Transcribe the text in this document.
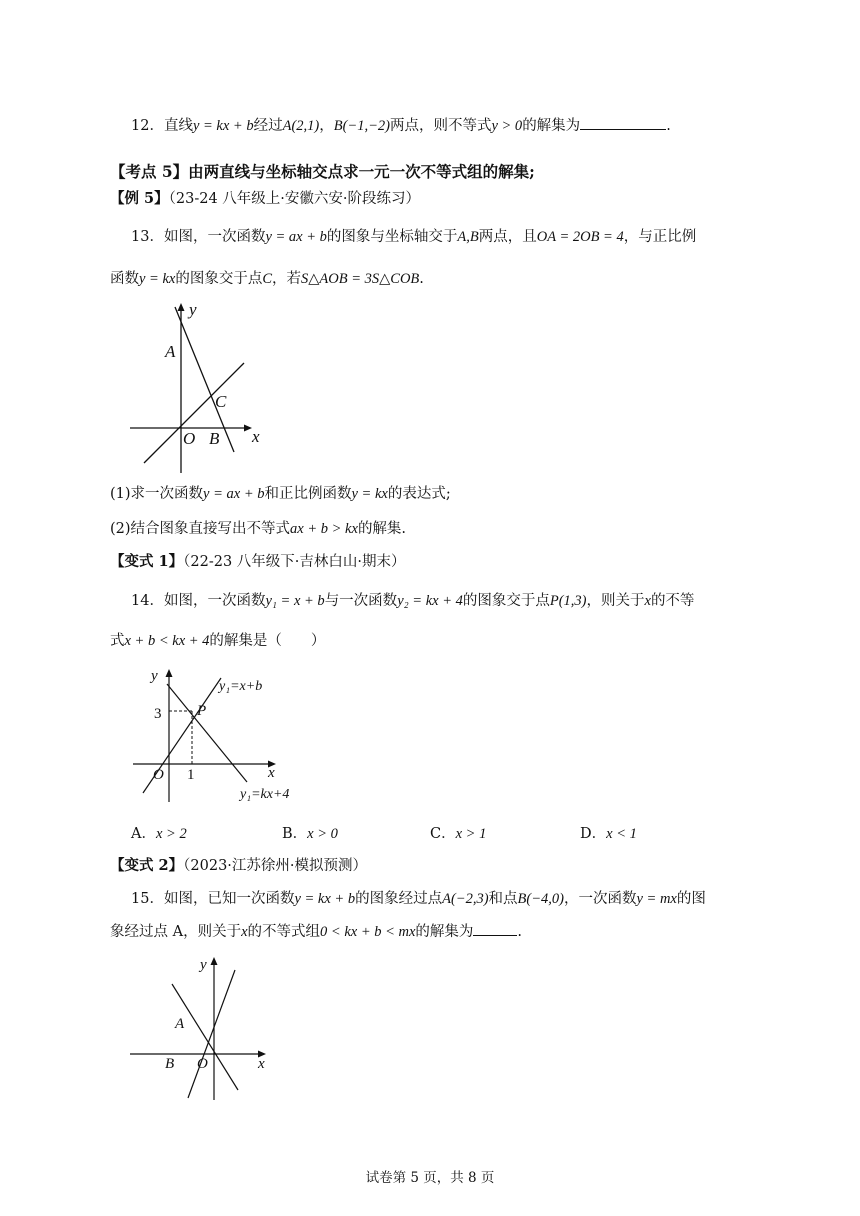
12．直线y = kx + b经过A(2,1)，B(−1,−2)两点，则不等式y > 0的解集为	.
【考点 5】由两直线与坐标轴交点求一元一次不等式组的解集;
【例 5】（23-24 八年级上·安徽六安·阶段练习）
13．如图，一次函数y = ax + b的图象与坐标轴交于A,B两点，且OA = 2OB = 4，与正比例
函数y = kx的图象交于点C，若S△AOB = 3S△COB.
y
A
C
O B x
(1)求一次函数y = ax + b和正比例函数y = kx的表达式;
(2)结合图象直接写出不等式ax + b > kx的解集.
【变式 1】（22-23 八年级下·吉林白山·期末）
14．如图，一次函数y₁ = x + b与一次函数y₂ = kx + 4的图象交于点P(1,3)，则关于x的不等
式x + b < kx + 4的解集是（　　）
y
3 P
y₁=x+b
O 1	x
y₁=kx+4
A．x > 2	B．x > 0	C．x > 1	D．x < 1
【变式 2】（2023·江苏徐州·模拟预测）
15．如图，已知一次函数y = kx + b的图象经过点A(−2,3)和点B(−4,0)，一次函数y = mx的图
象经过点 A，则关于x的不等式组0 < kx + b < mx的解集为	.
y
A
B O	x
试卷第 5 页，共 8 页
